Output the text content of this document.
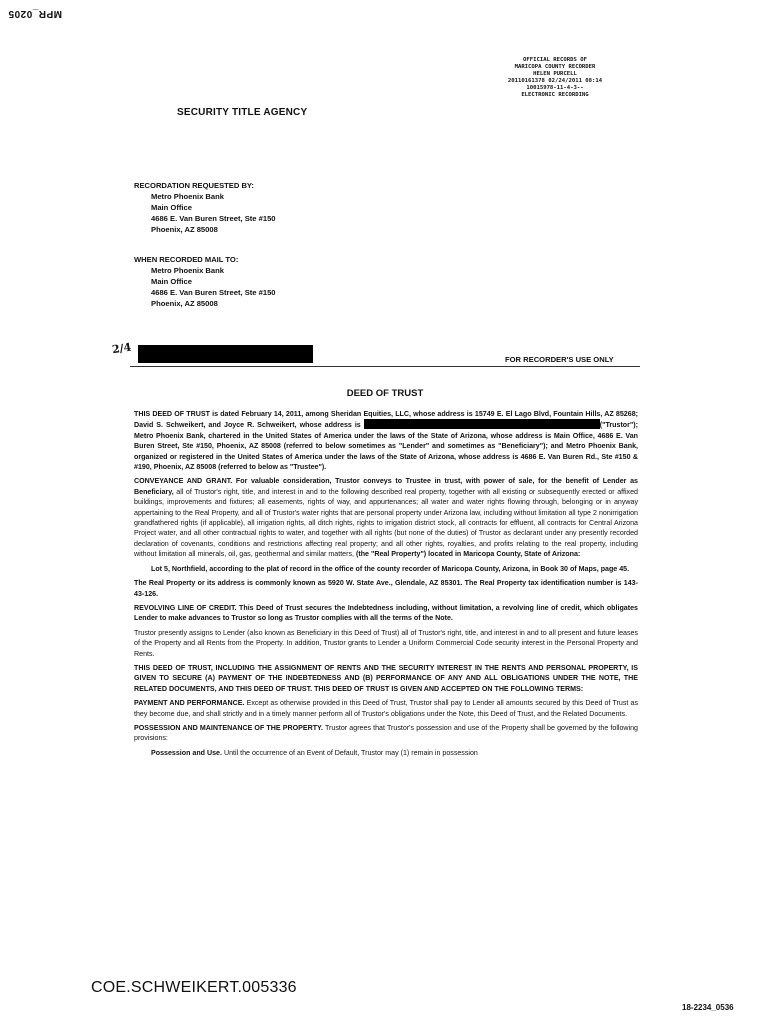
MPR_0205
OFFICIAL RECORDS OF
MARICOPA COUNTY RECORDER
HELEN PURCELL
20110161378 02/24/2011 08:14
10015978-11-4-3--
ELECTRONIC RECORDING
SECURITY TITLE AGENCY
RECORDATION REQUESTED BY:
Metro Phoenix Bank
Main Office
4686 E. Van Buren Street, Ste #150
Phoenix, AZ 85008
WHEN RECORDED MAIL TO:
Metro Phoenix Bank
Main Office
4686 E. Van Buren Street, Ste #150
Phoenix, AZ 85008
2/4
FOR RECORDER'S USE ONLY
DEED OF TRUST

THIS DEED OF TRUST is dated February 14, 2011, among Sheridan Equities, LLC, whose address is 15749 E. El Lago Blvd, Fountain Hills, AZ 85268; David S. Schweikert, and Joyce R. Schweikert, whose address is	("Trustor"); Metro Phoenix Bank, chartered in the United States of America under the laws of the State of Arizona, whose address is Main Office, 4686 E. Van Buren Street, Ste #150, Phoenix, AZ 85008 (referred to below sometimes as "Lender" and sometimes as "Beneficiary"); and Metro Phoenix Bank, organized or registered in the United States of America under the laws of the State of Arizona, whose address is 4686 E. Van Buren Rd., Ste #150 & #190, Phoenix, AZ 85008 (referred to below as "Trustee").

CONVEYANCE AND GRANT. For valuable consideration, Trustor conveys to Trustee in trust, with power of sale, for the benefit of Lender as Beneficiary, all of Trustor's right, title, and interest in and to the following described real property, together with all existing or subsequently erected or affixed buildings, improvements and fixtures; all easements, rights of way, and appurtenances; all water and water rights flowing through, belonging or in anyway appertaining to the Real Property, and all of Trustor's water rights that are personal property under Arizona law, including without limitation all type 2 nonirrigation grandfathered rights (if applicable), all irrigation rights, all ditch rights, rights to irrigation district stock, all contracts for effluent, all contracts for Central Arizona Project water, and all other contractual rights to water, and together with all rights (but none of the duties) of Trustor as declarant under any presently recorded declaration of covenants, conditions and restrictions affecting real property; and all other rights, royalties, and profits relating to the real property, including without limitation all minerals, oil, gas, geothermal and similar matters, (the "Real Property") located in Maricopa County, State of Arizona:

Lot 5, Northfield, according to the plat of record in the office of the county recorder of Maricopa County, Arizona, in Book 30 of Maps, page 45.

The Real Property or its address is commonly known as 5920 W. State Ave., Glendale, AZ 85301. The Real Property tax identification number is 143-43-126.

REVOLVING LINE OF CREDIT. This Deed of Trust secures the Indebtedness including, without limitation, a revolving line of credit, which obligates Lender to make advances to Trustor so long as Trustor complies with all the terms of the Note.

Trustor presently assigns to Lender (also known as Beneficiary in this Deed of Trust) all of Trustor's right, title, and interest in and to all present and future leases of the Property and all Rents from the Property. In addition, Trustor grants to Lender a Uniform Commercial Code security interest in the Personal Property and Rents.

THIS DEED OF TRUST, INCLUDING THE ASSIGNMENT OF RENTS AND THE SECURITY INTEREST IN THE RENTS AND PERSONAL PROPERTY, IS GIVEN TO SECURE (A) PAYMENT OF THE INDEBTEDNESS AND (B) PERFORMANCE OF ANY AND ALL OBLIGATIONS UNDER THE NOTE, THE RELATED DOCUMENTS, AND THIS DEED OF TRUST. THIS DEED OF TRUST IS GIVEN AND ACCEPTED ON THE FOLLOWING TERMS:

PAYMENT AND PERFORMANCE. Except as otherwise provided in this Deed of Trust, Trustor shall pay to Lender all amounts secured by this Deed of Trust as they become due, and shall strictly and in a timely manner perform all of Trustor's obligations under the Note, this Deed of Trust, and the Related Documents.

POSSESSION AND MAINTENANCE OF THE PROPERTY. Trustor agrees that Trustor's possession and use of the Property shall be governed by the following provisions:

Possession and Use. Until the occurrence of an Event of Default, Trustor may (1) remain in possession

COE.SCHWEIKERT.005336
18-2234_0536
